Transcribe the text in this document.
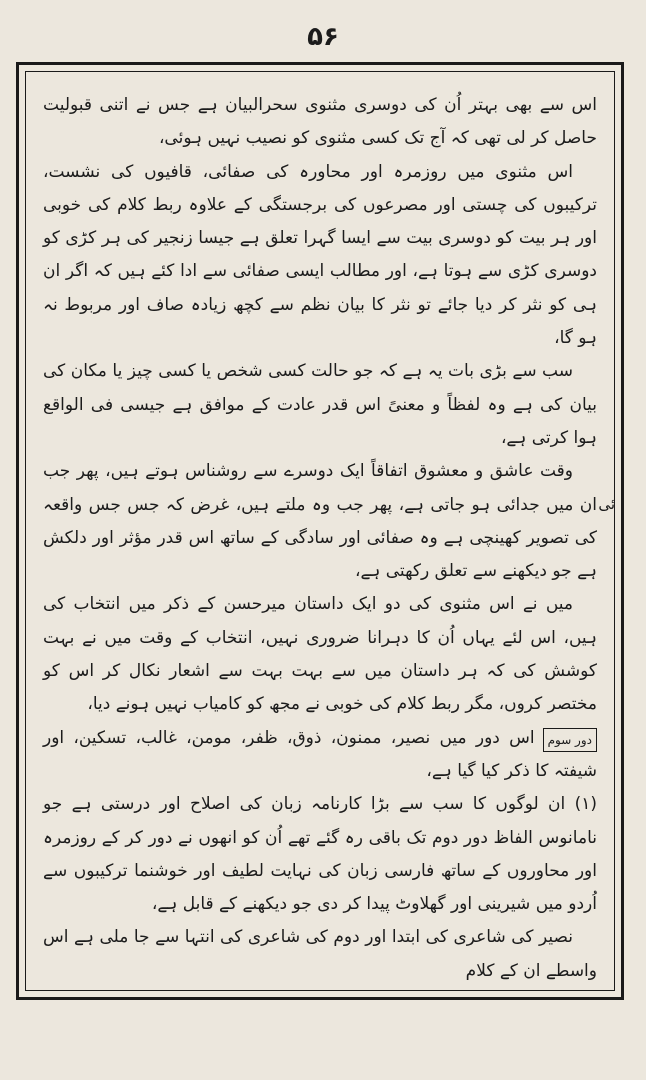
۵۶
ئی

اس سے بھی بہتر اُن کی دوسری مثنوی سحرالبیان ہے جس نے اتنی قبولیت حاصل کر لی تھی کہ آج تک کسی مثنوی کو نصیب نہیں ہوئی،

اس مثنوی میں روزمرہ اور محاورہ کی صفائی، قافیوں کی نشست، ترکیبوں کی چستی اور مصرعوں کی برجستگی کے علاوہ ربط کلام کی خوبی اور ہر بیت کو دوسری بیت سے ایسا گہرا تعلق ہے جیسا زنجیر کی ہر کڑی کو دوسری کڑی سے ہوتا ہے، اور مطالب ایسی صفائی سے ادا کئے ہیں کہ اگر ان ہی کو نثر کر دیا جائے تو نثر کا بیان نظم سے کچھ زیادہ صاف اور مربوط نہ ہو گا،

سب سے بڑی بات یہ ہے کہ جو حالت کسی شخص یا کسی چیز یا مکان کی بیان کی ہے وہ لفظاً و معنیً اس قدر عادت کے موافق ہے جیسی فی الواقع ہوا کرتی ہے،

وقت عاشق و معشوق اتفاقاً ایک دوسرے سے روشناس ہوتے ہیں، پھر جب ان میں جدائی ہو جاتی ہے، پھر جب وہ ملتے ہیں، غرض کہ جس جس واقعہ کی تصویر کھینچی ہے وہ صفائی اور سادگی کے ساتھ اس قدر مؤثر اور دلکش ہے جو دیکھنے سے تعلق رکھتی ہے،

میں نے اس مثنوی کی دو ایک داستان میرحسن کے ذکر میں انتخاب کی ہیں، اس لئے یہاں اُن کا دہرانا ضروری نہیں، انتخاب کے وقت میں نے بہت کوشش کی کہ ہر داستان میں سے بہت بہت سے اشعار نکال کر اس کو مختصر کروں، مگر ربط کلام کی خوبی نے مجھ کو کامیاب نہیں ہونے دیا،

دور سوم
اس دور میں نصیر، ممنون، ذوق، ظفر، مومن، غالب، تسکین، اور شیفتہ کا ذکر کیا گیا ہے،

(۱) ان لوگوں کا سب سے بڑا کارنامہ زبان کی اصلاح اور درستی ہے جو نامانوس الفاظ دور دوم تک باقی رہ گئے تھے اُن کو انھوں نے دور کر کے روزمرہ اور محاوروں کے ساتھ فارسی زبان کی نہایت لطیف اور خوشنما ترکیبوں سے اُردو میں شیرینی اور گھلاوٹ پیدا کر دی جو دیکھنے کے قابل ہے،

نصیر کی شاعری کی ابتدا اور دوم کی شاعری کی انتہا سے جا ملی ہے اس واسطے ان کے کلام
